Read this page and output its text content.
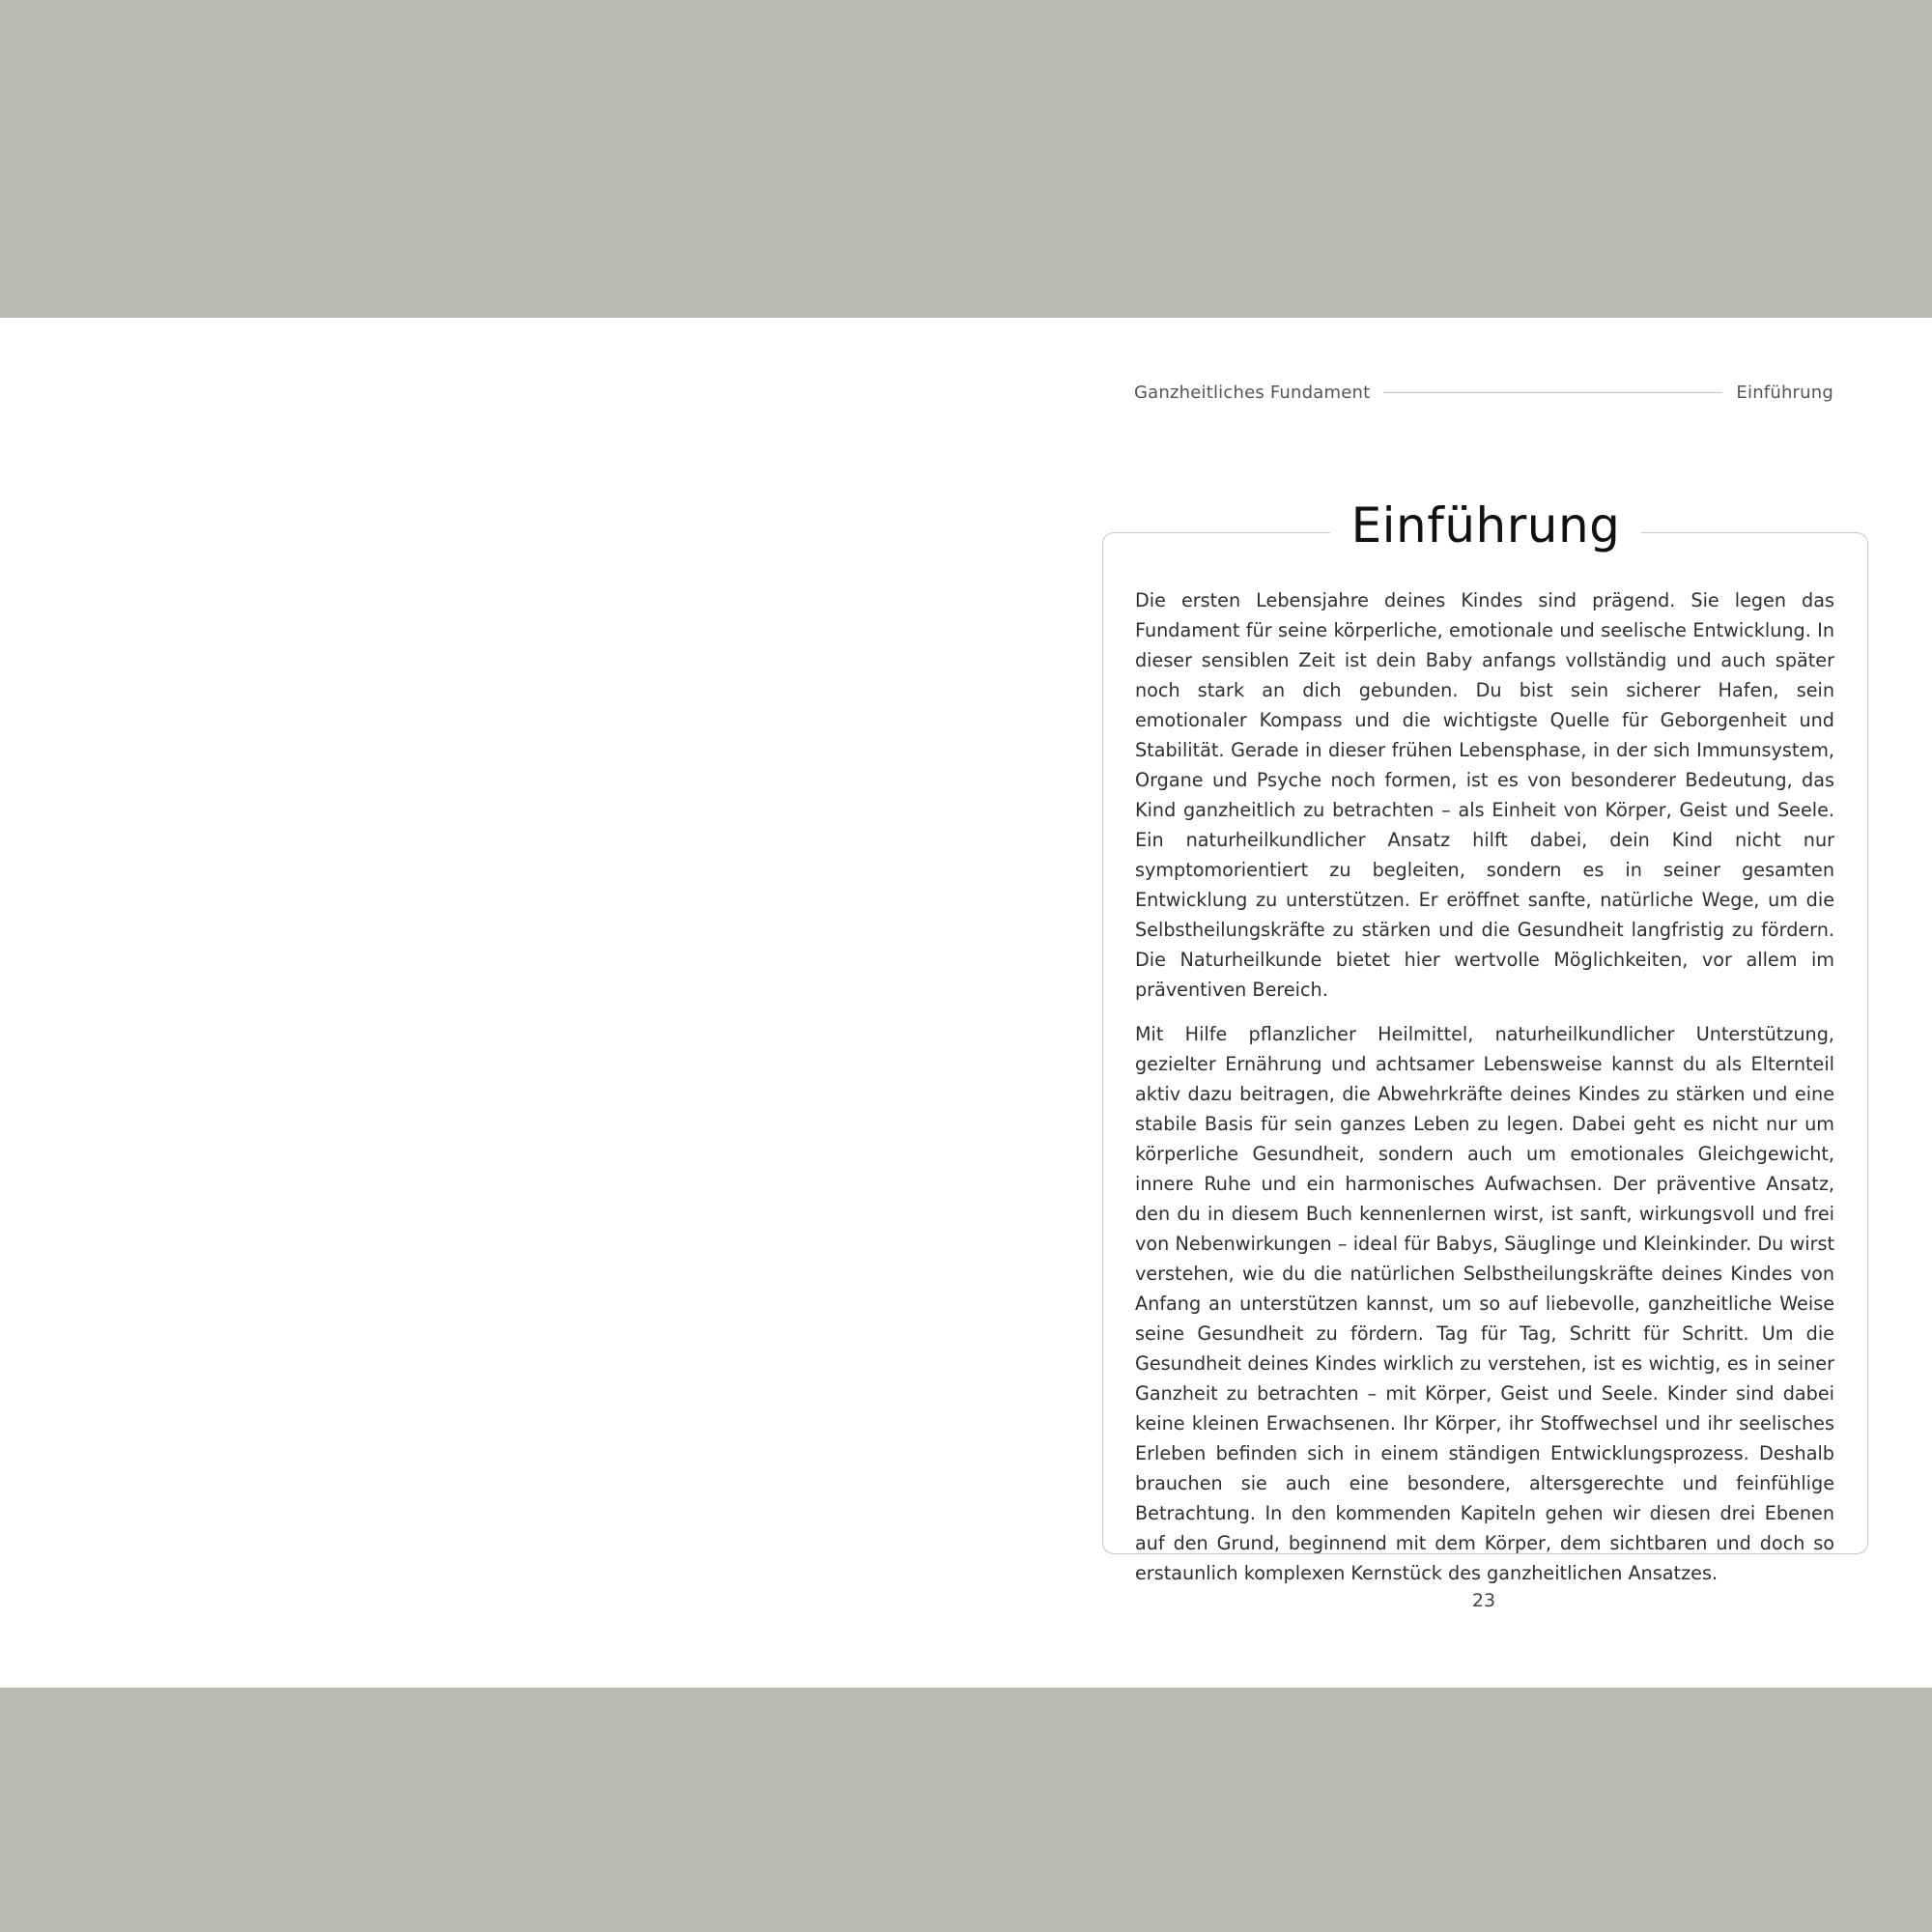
Ganzheitliches Fundament	Einführung
Einführung

Die ersten Lebensjahre deines Kindes sind prägend. Sie legen das Fundament für seine körperliche, emotionale und seelische Entwicklung. In dieser sensiblen Zeit ist dein Baby anfangs vollständig und auch später noch stark an dich gebunden. Du bist sein sicherer Hafen, sein emotionaler Kompass und die wichtigste Quelle für Geborgenheit und Stabilität. Gerade in dieser frühen Lebensphase, in der sich Immunsystem, Organe und Psyche noch formen, ist es von besonderer Bedeutung, das Kind ganzheitlich zu betrachten – als Einheit von Körper, Geist und Seele. Ein naturheilkundlicher Ansatz hilft dabei, dein Kind nicht nur symptomorientiert zu begleiten, sondern es in seiner gesamten Entwicklung zu unterstützen. Er eröffnet sanfte, natürliche Wege, um die Selbstheilungskräfte zu stärken und die Gesundheit langfristig zu fördern. Die Naturheilkunde bietet hier wertvolle Möglichkeiten, vor allem im präventiven Bereich.

Mit Hilfe pflanzlicher Heilmittel, naturheilkundlicher Unterstützung, gezielter Ernährung und achtsamer Lebensweise kannst du als Elternteil aktiv dazu beitragen, die Abwehrkräfte deines Kindes zu stärken und eine stabile Basis für sein ganzes Leben zu legen. Dabei geht es nicht nur um körperliche Gesundheit, sondern auch um emotionales Gleichgewicht, innere Ruhe und ein harmonisches Aufwachsen. Der präventive Ansatz, den du in diesem Buch kennenlernen wirst, ist sanft, wirkungsvoll und frei von Nebenwirkungen – ideal für Babys, Säuglinge und Kleinkinder. Du wirst verstehen, wie du die natürlichen Selbstheilungskräfte deines Kindes von Anfang an unterstützen kannst, um so auf liebevolle, ganzheitliche Weise seine Gesundheit zu fördern. Tag für Tag, Schritt für Schritt. Um die Gesundheit deines Kindes wirklich zu verstehen, ist es wichtig, es in seiner Ganzheit zu betrachten – mit Körper, Geist und Seele. Kinder sind dabei keine kleinen Erwachsenen. Ihr Körper, ihr Stoffwechsel und ihr seelisches Erleben befinden sich in einem ständigen Entwicklungsprozess. Deshalb brauchen sie auch eine besondere, altersgerechte und feinfühlige Betrachtung. In den kommenden Kapiteln gehen wir diesen drei Ebenen auf den Grund, beginnend mit dem Körper, dem sichtbaren und doch so erstaunlich komplexen Kernstück des ganzheitlichen Ansatzes.

23
